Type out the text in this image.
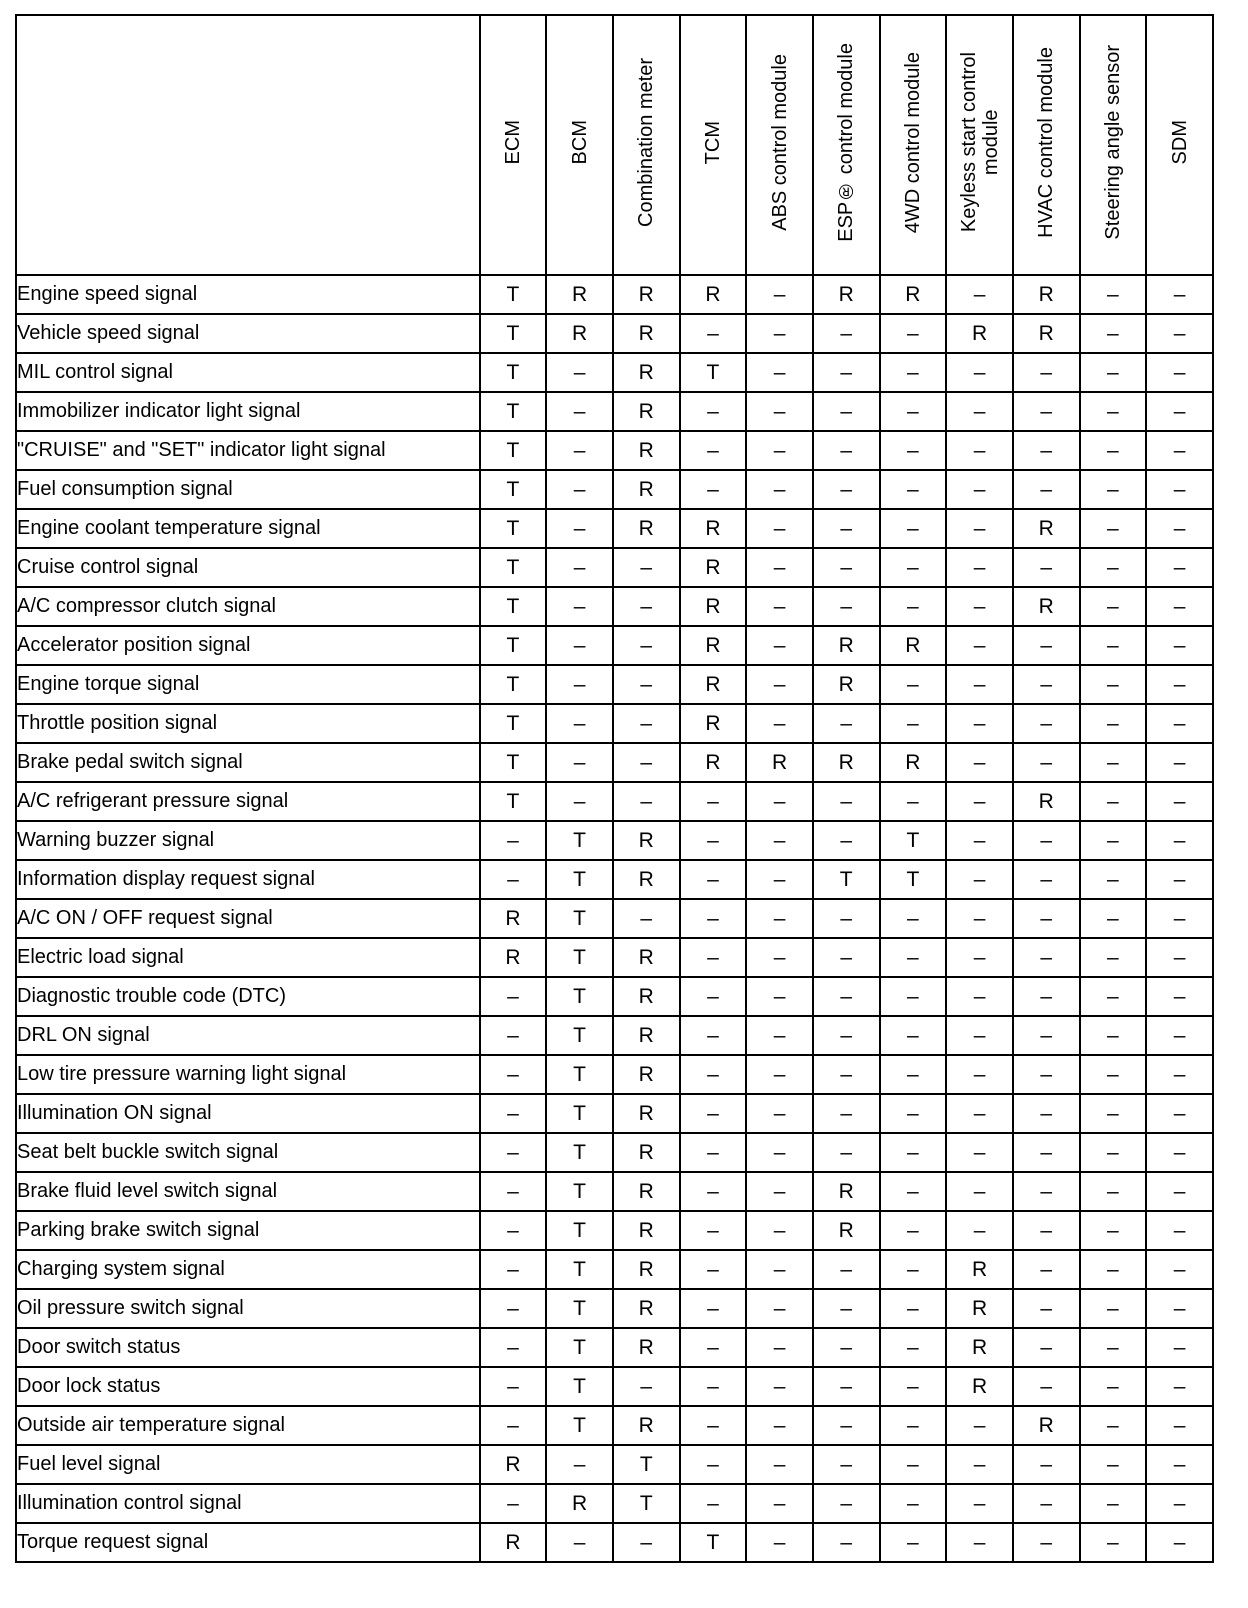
	ECM	BCM	Combination meter	TCM	ABS control module	ESP® control module	4WD control module	Keyless start control
module	HVAC control module	Steering angle sensor	SDM
Engine speed signal	T	R	R	R	–	R	R	–	R	–	–
Vehicle speed signal	T	R	R	–	–	–	–	R	R	–	–
MIL control signal	T	–	R	T	–	–	–	–	–	–	–
Immobilizer indicator light signal	T	–	R	–	–	–	–	–	–	–	–
"CRUISE" and "SET" indicator light signal	T	–	R	–	–	–	–	–	–	–	–
Fuel consumption signal	T	–	R	–	–	–	–	–	–	–	–
Engine coolant temperature signal	T	–	R	R	–	–	–	–	R	–	–
Cruise control signal	T	–	–	R	–	–	–	–	–	–	–
A/C compressor clutch signal	T	–	–	R	–	–	–	–	R	–	–
Accelerator position signal	T	–	–	R	–	R	R	–	–	–	–
Engine torque signal	T	–	–	R	–	R	–	–	–	–	–
Throttle position signal	T	–	–	R	–	–	–	–	–	–	–
Brake pedal switch signal	T	–	–	R	R	R	R	–	–	–	–
A/C refrigerant pressure signal	T	–	–	–	–	–	–	–	R	–	–
Warning buzzer signal	–	T	R	–	–	–	T	–	–	–	–
Information display request signal	–	T	R	–	–	T	T	–	–	–	–
A/C ON / OFF request signal	R	T	–	–	–	–	–	–	–	–	–
Electric load signal	R	T	R	–	–	–	–	–	–	–	–
Diagnostic trouble code (DTC)	–	T	R	–	–	–	–	–	–	–	–
DRL ON signal	–	T	R	–	–	–	–	–	–	–	–
Low tire pressure warning light signal	–	T	R	–	–	–	–	–	–	–	–
Illumination ON signal	–	T	R	–	–	–	–	–	–	–	–
Seat belt buckle switch signal	–	T	R	–	–	–	–	–	–	–	–
Brake fluid level switch signal	–	T	R	–	–	R	–	–	–	–	–
Parking brake switch signal	–	T	R	–	–	R	–	–	–	–	–
Charging system signal	–	T	R	–	–	–	–	R	–	–	–
Oil pressure switch signal	–	T	R	–	–	–	–	R	–	–	–
Door switch status	–	T	R	–	–	–	–	R	–	–	–
Door lock status	–	T	–	–	–	–	–	R	–	–	–
Outside air temperature signal	–	T	R	–	–	–	–	–	R	–	–
Fuel level signal	R	–	T	–	–	–	–	–	–	–	–
Illumination control signal	–	R	T	–	–	–	–	–	–	–	–
Torque request signal	R	–	–	T	–	–	–	–	–	–	–
